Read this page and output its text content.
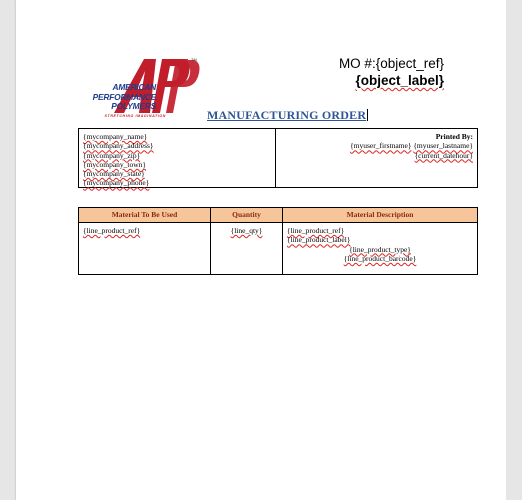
MO #:{object_ref}
{object_label}
TM
AMERICAN
PERFORMANCE
POLYMERS
STRETCHING IMAGINATION	MANUFACTURING ORDER
{mycompany_name}
{mycompany_address}
{mycompany_zip}
{mycompany_town}
{mycompany_state}
{mycompany_phone}
Printed By:
{myuser_firstname} {myuser_lastname}
{current_datehour}
Material To Be Used	Quantity	Material Description
{line_product_ref}	{line_qty}	{line_product_ref}
{line_product_label}
{line_product_type}
{line_product_barcode}
